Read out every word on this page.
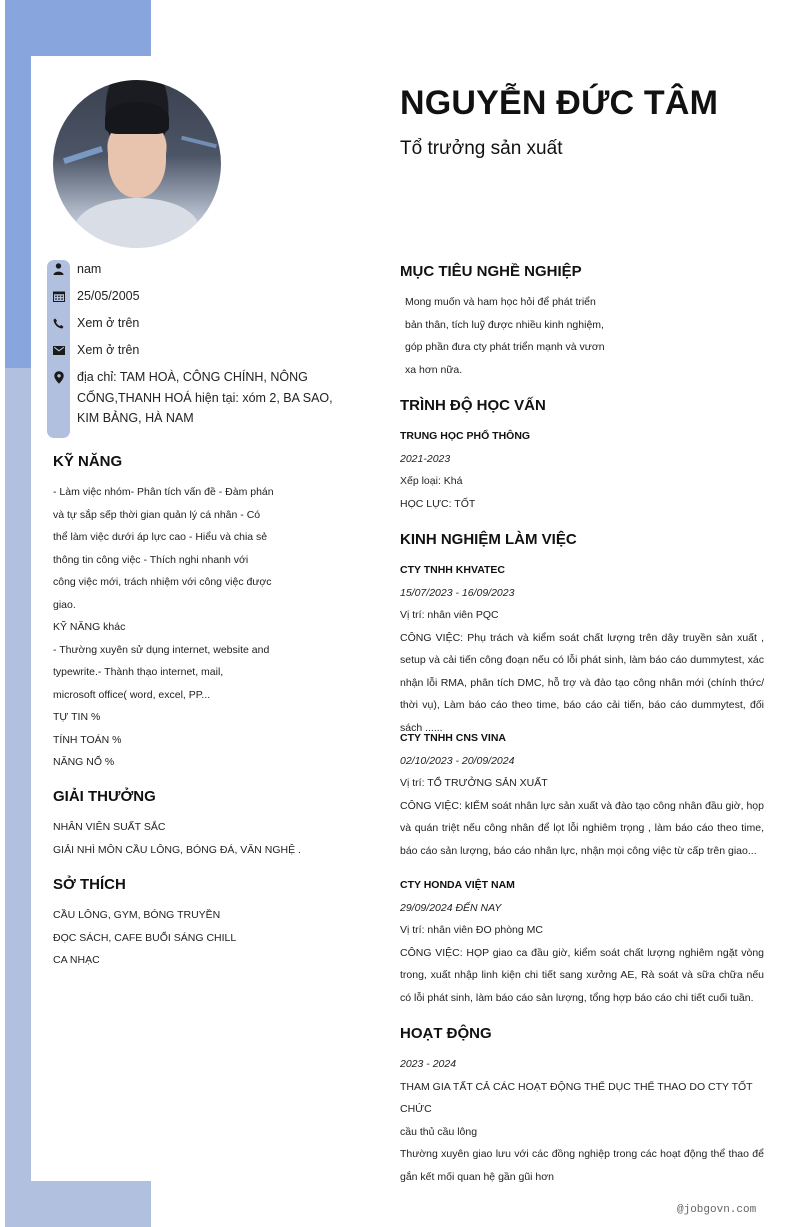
NGUYỄN ĐỨC TÂM
Tổ trưởng sản xuất
nam
25/05/2005
Xem ở trên
Xem ở trên
địa chỉ: TAM HOÀ, CÔNG CHÍNH, NÔNG CỐNG,THANH HOÁ hiện tại: xóm 2, BA SAO, KIM BẢNG, HÀ NAM
KỸ NĂNG
- Làm việc nhóm- Phân tích vấn đề - Đàm phán
và tự sắp sếp thời gian quản lý cá nhân - Có
thể làm việc dưới áp lực cao - Hiểu và chia sẻ
thông tin công việc - Thích nghi nhanh với
công việc mới, trách nhiệm với công việc được
giao.
KỸ NĂNG khác
- Thường xuyên sử dụng internet, website and
typewrite.- Thành thạo internet, mail,
microsoft office( word, excel, PP...
TỰ TIN %
TÍNH TOÁN %
NĂNG NỔ %
GIẢI THƯỞNG
NHÂN VIÊN SUẤT SẮC
GIẢI NHÌ MÔN CẦU LÔNG, BÓNG ĐÁ, VĂN NGHỆ .
SỞ THÍCH
CẦU LÔNG, GYM, BÓNG TRUYỀN
ĐỌC SÁCH, CAFE BUỔI SÁNG CHILL
CA NHẠC
MỤC TIÊU NGHỀ NGHIỆP
Mong muốn và ham học hỏi để phát triển bản thân, tích luỹ được nhiều kinh nghiệm, góp phần đưa cty phát triển mạnh và vươn xa hơn nữa.
TRÌNH ĐỘ HỌC VẤN
TRUNG HỌC PHỔ THÔNG
2021-2023
Xếp loại: Khá
HỌC LỰC: TỐT
KINH NGHIỆM LÀM VIỆC
CTY TNHH KHVATEC
15/07/2023 - 16/09/2023
Vị trí: nhân viên PQC
CÔNG VIỆC: Phụ trách và kiểm soát chất lượng trên dây truyền sản xuất , setup và cải tiến công đoạn nếu có lỗi phát sinh, làm báo cáo dummytest, xác nhận lỗi RMA, phân tích DMC, hỗ trợ và đào tạo công nhân mới (chính thức/ thời vụ), Làm báo cáo theo time, báo cáo cải tiến, báo cáo dummytest, đối sách ......
CTY TNHH CNS VINA
02/10/2023 - 20/09/2024
Vị trí: TỔ TRƯỞNG SẢN XUẤT
CÔNG VIỆC: kIỂM soát nhân lực sản xuất và đào tạo công nhân đầu giờ, họp và quán triệt nếu công nhân để lọt lỗi nghiêm trọng , làm báo cáo theo time, báo cáo sản lượng, báo cáo nhân lực, nhận mọi công việc từ cấp trên giao...
CTY HONDA VIỆT NAM
29/09/2024 ĐẾN NAY
Vị trí: nhân viên ĐO phòng MC
CÔNG VIỆC: HỌP giao ca đầu giờ, kiểm soát chất lượng nghiêm ngặt vòng trong, xuất nhập linh kiện chi tiết sang xưởng AE, Rà soát và sữa chữa nếu có lỗi phát sinh, làm báo cáo sản lượng, tổng hợp báo cáo chi tiết cuối tuần.
HOẠT ĐỘNG
2023 - 2024
THAM GIA TẤT CẢ CÁC HOẠT ĐỘNG THỂ DỤC THỂ THAO DO CTY TỐT CHỨC
cầu thủ cầu lông
Thường xuyên giao lưu với các đồng nghiệp trong các hoạt động thể thao để gắn kết mối quan hệ gần gũi hơn
@jobgovn.com
